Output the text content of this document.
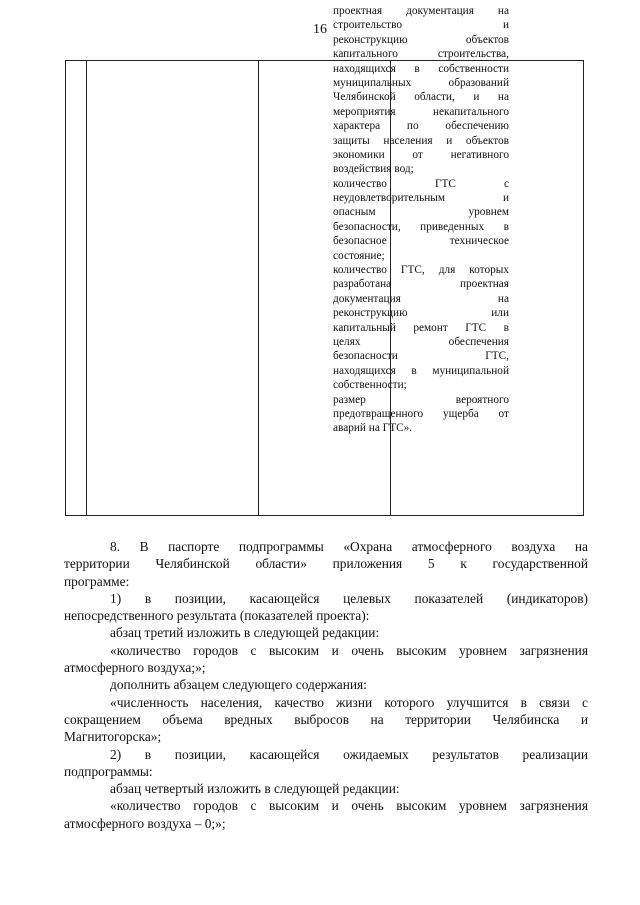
16
проектная документация на
строительство и
реконструкцию объектов
капитального строительства,
находящихся в собственности
муниципальных образований
Челябинской области, и на
мероприятия некапитального
характера по обеспечению
защиты населения и объектов
экономики от негативного
воздействия вод;
количество ГТС с
неудовлетворительным и
опасным уровнем
безопасности, приведенных в
безопасное техническое
состояние;
количество ГТС, для которых
разработана проектная
документация на
реконструкцию или
капитальный ремонт ГТС в
целях обеспечения
безопасности ГТС,
находящихся в муниципальной
собственности;
размер вероятного
предотвращенного ущерба от
аварий на ГТС».
8. В паспорте подпрограммы «Охрана атмосферного воздуха на
территории Челябинской области» приложения 5 к государственной
программе:
1) в позиции, касающейся целевых показателей (индикаторов)
непосредственного результата (показателей проекта):
абзац третий изложить в следующей редакции:
«количество городов с высоким и очень высоким уровнем загрязнения
атмосферного воздуха;»;
дополнить абзацем следующего содержания:
«численность населения, качество жизни которого улучшится в связи с
сокращением объема вредных выбросов на территории Челябинска и
Магнитогорска»;
2) в позиции, касающейся ожидаемых результатов реализации
подпрограммы:
абзац четвертый изложить в следующей редакции:
«количество городов с высоким и очень высоким уровнем загрязнения
атмосферного воздуха – 0;»;
